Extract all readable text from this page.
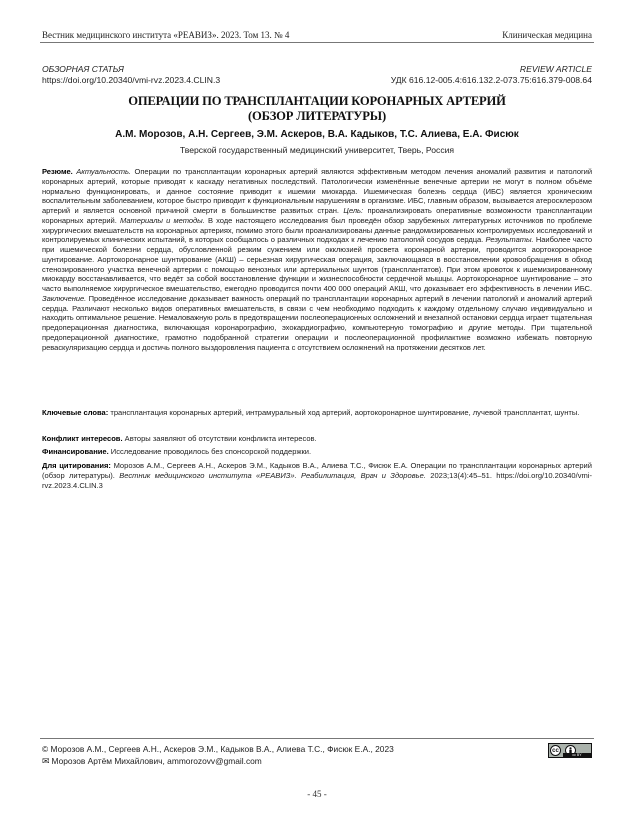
Вестник медицинского института «РЕАВИЗ». 2023. Том 13. № 4	Клиническая медицина
ОБЗОРНАЯ СТАТЬЯ
https://doi.org/10.20340/vmi-rvz.2023.4.CLIN.3
REVIEW ARTICLE
УДК 616.12-005.4:616.132.2-073.75:616.379-008.64
ОПЕРАЦИИ ПО ТРАНСПЛАНТАЦИИ КОРОНАРНЫХ АРТЕРИЙ
(ОБЗОР ЛИТЕРАТУРЫ)
А.М. Морозов, А.Н. Сергеев, Э.М. Аскеров, В.А. Кадыков, Т.С. Алиева, Е.А. Фисюк
Тверской государственный медицинский университет, Тверь, Россия
Резюме. Актуальность. Операции по трансплантации коронарных артерий являются эффективным методом лечения аномалий развития и патологий коронарных артерий, которые приводят к каскаду негативных последствий. Патологически изменённые венечные артерии не могут в полном объёме нормально функционировать, и данное состояние приводит к ишемии миокарда. Ишемическая болезнь сердца (ИБС) является хроническим воспалительным заболеванием, которое быстро приводит к функциональным нарушениям в организме. ИБС, главным образом, вызывается атеросклерозом артерий и является основной причиной смерти в большинстве развитых стран. Цель: проанализировать оперативные возможности трансплантации коронарных артерий. Материалы и методы. В ходе настоящего исследования был проведён обзор зарубежных литературных источников по проблеме хирургических вмешательств на коронарных артериях, помимо этого были проанализированы данные рандомизированных контролируемых исследований и контролируемых клинических испытаний, в которых сообщалось о различных подходах к лечению патологий сосудов сердца. Результаты. Наиболее часто при ишемической болезни сердца, обусловленной резким сужением или окклюзией просвета коронарной артерии, проводится аортокоронарное шунтирование. Аортокоронарное шунтирование (АКШ) – серьезная хирургическая операция, заключающаяся в восстановлении кровообращения в обход стенозированного участка венечной артерии с помощью венозных или артериальных шунтов (трансплантатов). При этом кровоток к ишемизированному миокарду восстанавливается, что ведёт за собой восстановление функции и жизнеспособности сердечной мышцы. Аортокоронарное шунтирование – это часто выполняемое хирургическое вмешательство, ежегодно проводится почти 400 000 операций АКШ, что доказывает его эффективность в лечении ИБС. Заключение. Проведённое исследование доказывает важность операций по трансплантации коронарных артерий в лечении патологий и аномалий артерий сердца. Различают несколько видов оперативных вмешательств, в связи с чем необходимо подходить к каждому отдельному случаю индивидуально и находить оптимальное решение. Немаловажную роль в предотвращении послеоперационных осложнений и внезапной остановки сердца играет тщательная предоперационная диагностика, включающая коронарографию, эхокардиографию, компьютерную томографию и другие методы. При тщательной предоперационной диагностике, грамотно подобранной стратегии операции и послеоперационной профилактике возможно избежать повторную реваскуляризацию сердца и достичь полного выздоровления пациента с отсутствием осложнений на протяжении десятков лет.
Ключевые слова: трансплантация коронарных артерий, интрамуральный ход артерий, аортокоронарное шунтирование, лучевой трансплантат, шунты.
Конфликт интересов. Авторы заявляют об отсутствии конфликта интересов.
Финансирование. Исследование проводилось без спонсорской поддержки.
Для цитирования: Морозов А.М., Сергеев А.Н., Аскеров Э.М., Кадыков В.А., Алиева Т.С., Фисюк Е.А. Операции по трансплантации коронарных артерий (обзор литературы). Вестник медицинского института «РЕАВИЗ». Реабилитация, Врач и Здоровье. 2023;13(4):45–51. https://doi.org/10.20340/vmi-rvz.2023.4.CLIN.3
© Морозов А.М., Сергеев А.Н., Аскеров Э.М., Кадыков В.А., Алиева Т.С., Фисюк Е.А., 2023
✉ Морозов Артём Михайлович, ammorozovv@gmail.com
cc
cc BY
- 45 -
